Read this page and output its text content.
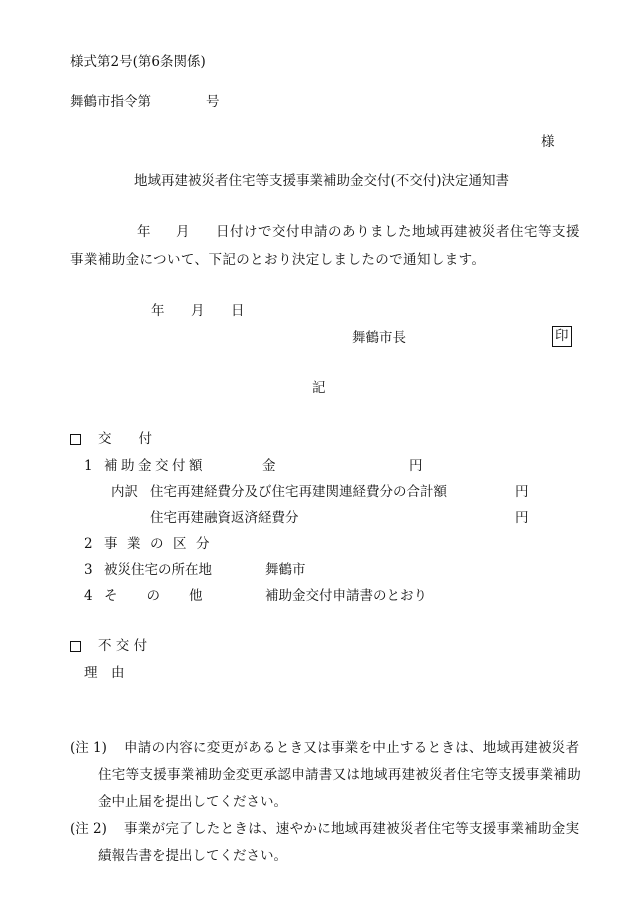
様式第2号(第6条関係)
舞鶴市指令第	号
様
地域再建被災者住宅等支援事業補助金交付(不交付)決定通知書
年 月 日付けで交付申請のありました地域再建被災者住宅等支援
事業補助金について、下記のとおり決定しましたので通知します。
年 月 日
舞鶴市長	印
記
交　　付
1 補助金交付額	金	円
内訳 住宅再建経費分及び住宅再建関連経費分の合計額	円
住宅再建融資返済経費分	円
2 事業の区分
3 被災住宅の所在地	舞鶴市
4 その他 補助金交付申請書のとおり
不 交 付
理　由
(注 1) 申請の内容に変更があるとき又は事業を中止するときは、地域再建被災者
住宅等支援事業補助金変更承認申請書又は地域再建被災者住宅等支援事業補助
金中止届を提出してください。
(注 2) 事業が完了したときは、速やかに地域再建被災者住宅等支援事業補助金実
績報告書を提出してください。
